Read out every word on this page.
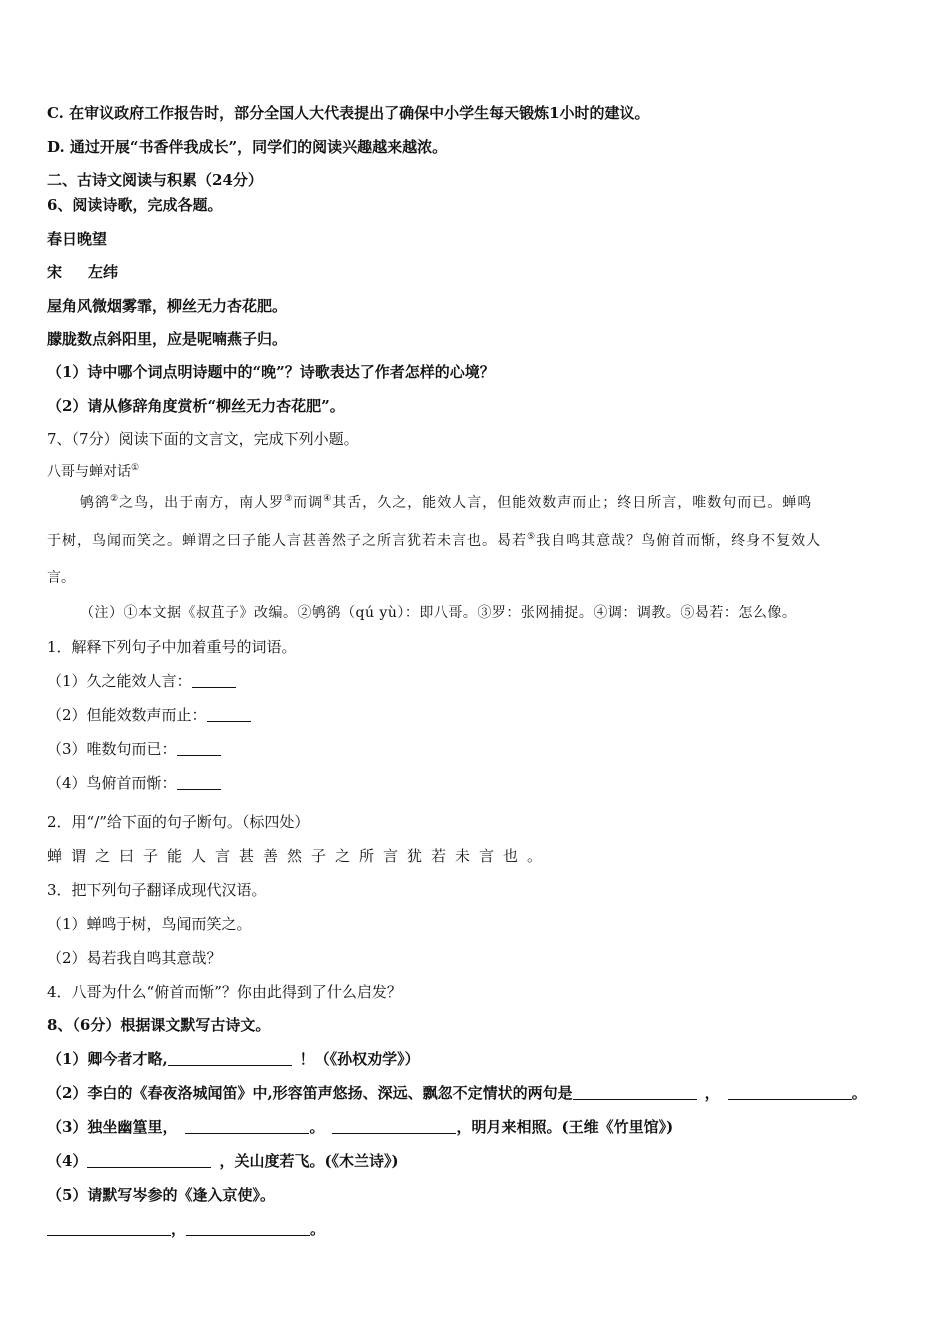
C. 在审议政府工作报告时，部分全国人大代表提出了确保中小学生每天锻炼1小时的建议。
D. 通过开展“书香伴我成长”，同学们的阅读兴趣越来越浓。
二、古诗文阅读与积累（24分）
6、阅读诗歌，完成各题。
春日晚望
宋 左纬
屋角风微烟雾霏，柳丝无力杏花肥。
朦胧数点斜阳里，应是呢喃燕子归。
（1）诗中哪个词点明诗题中的“晚”？诗歌表达了作者怎样的心境？
（2）请从修辞角度赏析“柳丝无力杏花肥”。
7、（7分）阅读下面的文言文，完成下列小题。
八哥与蝉对话①
鸲鹆②之鸟，出于南方，南人罗③而调④其舌，久之，能效人言，但能效数声而止；终日所言，唯数句而已。蝉鸣
于树，鸟闻而笑之。蝉谓之曰子能人言甚善然子之所言犹若未言也。曷若⑤我自鸣其意哉？鸟俯首而惭，终身不复效人
言。
（注）①本文据《叔苴子》改编。②鸲鹆（qú yù）：即八哥。③罗：张网捕捉。④调：调教。⑤曷若：怎么像。
1．解释下列句子中加着重号的词语。
（1）久之能效人言：
（2）但能效数声而止：
（3）唯数句而已：
（4）鸟俯首而惭：
2．用“/”给下面的句子断句。（标四处）
蝉谓之曰子能人言甚善然子之所言犹若未言也。
3．把下列句子翻译成现代汉语。
（1）蝉鸣于树，鸟闻而笑之。
（2）曷若我自鸣其意哉？
4．八哥为什么“俯首而惭”？你由此得到了什么启发？
8、（6分）根据课文默写古诗文。
（1）卿今者才略,	！（《孙权劝学》）
（2）李白的《春夜洛城闻笛》中,形容笛声悠扬、深远、飘忽不定情状的两句是	，	。
（3）独坐幽篁里，	。	，明月来相照。(王维《竹里馆》)
（4）	，关山度若飞。(《木兰诗》)
（5）请默写岑参的《逢入京使》。
，	。
